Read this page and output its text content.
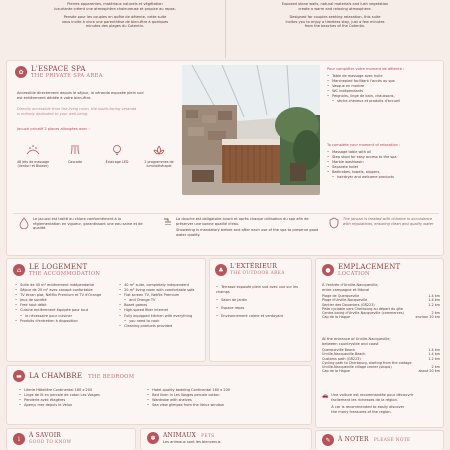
Pierres apparentes, matériaux naturels et végétation
luxuriante créent une atmosphère chaleureuse et propice au repos.
Pensée pour les couples en quête de détente, cette suite
vous invite à vivre une parenthèse de bien-être à quelques
minutes des plages du Cotentin.
Exposed stone walls, natural materials and lush vegetation
create a warm and relaxing atmosphere.
Designed for couples seeking relaxation, this suite
invites you to enjoy a timeless stay, just a few minutes
from the beaches of the Cotentin.
✿	L'ESPACE SPA
THE PRIVATE SPA AREA
Accessible directement depuis le séjour, la véranda exposée plein sud
est entièrement dédiée à votre bien-être.
Directly accessible from the living room, the south-facing veranda
is entirely dedicated to your well-being.
Jacuzzi privatif 2 places allongées avec :
48 jets de massage (Venturi et Blower)
Cascade	Éclairage LED	2 programmes de luminothérapie
Pour compléter votre moment de détente :
• Table de massage avec huile
• Marchepied facilitant l'accès au spa
• Vasque en marbre
• WC indépendants
• Peignoirs, linge de bain, chaussons,
• sèche-cheveux et produits d'accueil
To complete your moment of relaxation :
• Massage table with oil
• Step stool for easy access to the spa
• Marble washbasin
• Separate toilet
• Bathrobes, towels, slippers,
• hairdryer and welcome products
Le jacuzzi est traité au chlore conformément à la réglementation en vigueur, garantissant une eau saine et de qualité.
La douche est obligatoire avant et après chaque utilisation du spa afin de préserver une bonne qualité d'eau.
Showering is mandatory before and after each use of the spa to preserve good water quality.
The jacuzzi is treated with chlorine in accordance with regulations, ensuring clean and quality water
⌂	LE LOGEMENT
THE ACCOMMODATION
• Suite de 40 m² entièrement indépendante
• Séjour de 20 m² avec canapé confortable
• TV écran plat, Netflix Premium et TV d'Orange
• Jeux de société
• Free haut débit
• Cuisine entièrement équipée pour tout
• le nécessaire pour cuisiner
• Produits d'entretien à disposition
• 40 m² suite, completely independent
• 20 m² living room with comfortable sofa
• Flat screen TV, Netflix Premium
• and Orange TV
• Board games
• High-speed fiber internet
• Fully equipped kitchen with everything
• you need to cook
• Cleaning products provided
♣	L'EXTÉRIEUR
THE OUTDOOR AREA
• Terrasse exposée plein sud avec vue sur les champs
• Salon de jardin
• Espace repas
• Environnement calme et verdoyant
●	EMPLACEMENT
LOCATION
À l'entrée d'Urville-Nacqueville,
entre campagne et littoral
Plage de Querqueville	1.4 km
Plage d'Urville-Nacqueville	1.4 km
Sentier des Douaniers (GR223)	1.2 km
Piste cyclable vers Cherbourg au départ du gîte
Centre-bourg d'Urville-Nacqueville (commerces)	2 km
Cap de la Hague	environ 20 km
At the entrance of Urville-Nacqueville,
between countryside and coast
Querqueville Beach	1.4 km
Urville-Nacqueville Beach	1.4 km
Customs path (GR223)	1.2 km
Cycling path to Cherbourg, starting from the cottage
Urville-Nacqueville village center (shops)	2 km
Cap de la Hague	about 20 km
🚗 Une voiture est recommandée pour découvrir
facilement les richesses de la région.
A car is recommended to easily discover
the many treasures of the region.
▬	LA CHAMBRE THE BEDROOM
• Literie Hôtelière Continental 160 x 200
• Linge de lit en percale de coton Les Vosges
• Penderie avec étagères
• Aperçu mer depuis le Velux
• Hotel-quality bedding Continental 160 x 200
• Bed linen in Les Vosges percale cotton
• Wardrobe with shelves
• Sea view glimpse from the Velux window
i	À SAVOIR
GOOD TO KNOW
✽	ANIMAUX PETS
Les animaux sont les bienvenus	✎	À NOTER PLEASE NOTE
